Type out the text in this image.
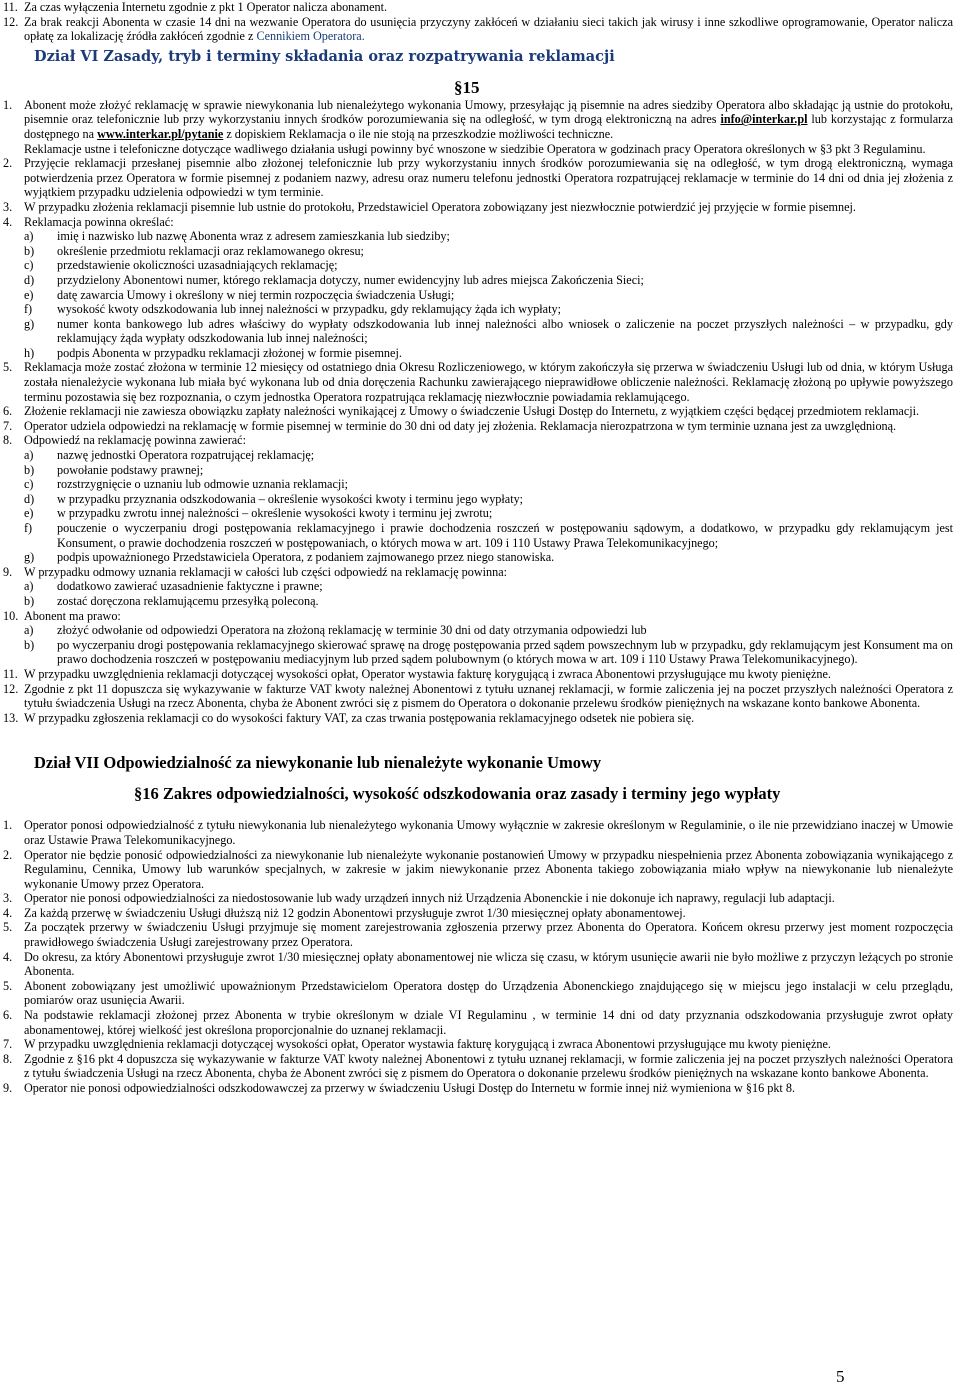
11. Za czas wyłączenia Internetu zgodnie z pkt 1 Operator nalicza abonament.
12. Za brak reakcji Abonenta w czasie 14 dni na wezwanie Operatora do usunięcia przyczyny zakłóceń w działaniu sieci takich jak wirusy i inne szkodliwe oprogramowanie, Operator nalicza opłatę za lokalizację źródła zakłóceń zgodnie z Cennikiem Operatora.
Dział VI Zasady, tryb i terminy składania oraz rozpatrywania reklamacji
§15
1. Abonent może złożyć reklamację w sprawie niewykonania lub nienależytego wykonania Umowy, przesyłając ją pisemnie na adres siedziby Operatora albo składając ją ustnie do protokołu, pisemnie oraz telefonicznie lub przy wykorzystaniu innych środków porozumiewania się na odległość, w tym drogą elektroniczną na adres info@interkar.pl lub korzystając z formularza dostępnego na www.interkar.pl/pytanie z dopiskiem Reklamacja o ile nie stoją na przeszkodzie możliwości techniczne.
Reklamacje ustne i telefoniczne dotyczące wadliwego działania usługi powinny być wnoszone w siedzibie Operatora w godzinach pracy Operatora określonych w §3 pkt 3 Regulaminu.
2. Przyjęcie reklamacji przesłanej pisemnie albo złożonej telefonicznie lub przy wykorzystaniu innych środków porozumiewania się na odległość, w tym drogą elektroniczną, wymaga potwierdzenia przez Operatora w formie pisemnej z podaniem nazwy, adresu oraz numeru telefonu jednostki Operatora rozpatrującej reklamacje w terminie do 14 dni od dnia jej złożenia z wyjątkiem przypadku udzielenia odpowiedzi w tym terminie.
3. W przypadku złożenia reklamacji pisemnie lub ustnie do protokołu, Przedstawiciel Operatora zobowiązany jest niezwłocznie potwierdzić jej przyjęcie w formie pisemnej.
4. Reklamacja powinna określać:
a)	imię i nazwisko lub nazwę Abonenta wraz z adresem zamieszkania lub siedziby;
b)	określenie przedmiotu reklamacji oraz reklamowanego okresu;
c)	przedstawienie okoliczności uzasadniających reklamację;
d)	przydzielony Abonentowi numer, którego reklamacja dotyczy, numer ewidencyjny lub adres miejsca Zakończenia Sieci;
e)	datę zawarcia Umowy i określony w niej termin rozpoczęcia świadczenia Usługi;
f)	wysokość kwoty odszkodowania lub innej należności w przypadku, gdy reklamujący żąda ich wypłaty;
g)	numer konta bankowego lub adres właściwy do wypłaty odszkodowania lub innej należności albo wniosek o zaliczenie na poczet przyszłych należności – w przypadku, gdy reklamujący żąda wypłaty odszkodowania lub innej należności;
h)	podpis Abonenta w przypadku reklamacji złożonej w formie pisemnej.
5. Reklamacja może zostać złożona w terminie 12 miesięcy od ostatniego dnia Okresu Rozliczeniowego, w którym zakończyła się przerwa w świadczeniu Usługi lub od dnia, w którym Usługa została nienależycie wykonana lub miała być wykonana lub od dnia doręczenia Rachunku zawierającego nieprawidłowe obliczenie należności. Reklamację złożoną po upływie powyższego terminu pozostawia się bez rozpoznania, o czym jednostka Operatora rozpatrująca reklamację niezwłocznie powiadamia reklamującego.
6. Złożenie reklamacji nie zawiesza obowiązku zapłaty należności wynikającej z Umowy o świadczenie Usługi Dostęp do Internetu, z wyjątkiem części będącej przedmiotem reklamacji.
7. Operator udziela odpowiedzi na reklamację w formie pisemnej w terminie do 30 dni od daty jej złożenia. Reklamacja nierozpatrzona w tym terminie uznana jest za uwzględnioną.
8. Odpowiedź na reklamację powinna zawierać:
a)	nazwę jednostki Operatora rozpatrującej reklamację;
b)	powołanie podstawy prawnej;
c)	rozstrzygnięcie o uznaniu lub odmowie uznania reklamacji;
d)	w przypadku przyznania odszkodowania – określenie wysokości kwoty i terminu jego wypłaty;
e)	w przypadku zwrotu innej należności – określenie wysokości kwoty i terminu jej zwrotu;
f)	pouczenie o wyczerpaniu drogi postępowania reklamacyjnego i prawie dochodzenia roszczeń w postępowaniu sądowym, a dodatkowo, w przypadku gdy reklamującym jest Konsument, o prawie dochodzenia roszczeń w postępowaniach, o których mowa w art. 109 i 110 Ustawy Prawa Telekomunikacyjnego;
g)	podpis upoważnionego Przedstawiciela Operatora, z podaniem zajmowanego przez niego stanowiska.
9. W przypadku odmowy uznania reklamacji w całości lub części odpowiedź na reklamację powinna:
a)	dodatkowo zawierać uzasadnienie faktyczne i prawne;
b)	zostać doręczona reklamującemu przesyłką poleconą.
10. Abonent ma prawo:
a)	złożyć odwołanie od odpowiedzi Operatora na złożoną reklamację w terminie 30 dni od daty otrzymania odpowiedzi lub
b)	po wyczerpaniu drogi postępowania reklamacyjnego skierować sprawę na drogę postępowania przed sądem powszechnym lub w przypadku, gdy reklamującym jest Konsument ma on prawo dochodzenia roszczeń w postępowaniu mediacyjnym lub przed sądem polubownym (o których mowa w art. 109 i 110 Ustawy Prawa Telekomunikacyjnego).
11. W przypadku uwzględnienia reklamacji dotyczącej wysokości opłat, Operator wystawia fakturę korygującą i zwraca Abonentowi przysługujące mu kwoty pieniężne.
12. Zgodnie z pkt 11 dopuszcza się wykazywanie w fakturze VAT kwoty należnej Abonentowi z tytułu uznanej reklamacji, w formie zaliczenia jej na poczet przyszłych należności Operatora z tytułu świadczenia Usługi na rzecz Abonenta, chyba że Abonent zwróci się z pismem do Operatora o dokonanie przelewu środków pieniężnych na wskazane konto bankowe Abonenta.
13. W przypadku zgłoszenia reklamacji co do wysokości faktury VAT, za czas trwania postępowania reklamacyjnego odsetek nie pobiera się.
Dział VII Odpowiedzialność za niewykonanie lub nienależyte wykonanie Umowy
§16 Zakres odpowiedzialności, wysokość odszkodowania oraz zasady i terminy jego wypłaty
1. Operator ponosi odpowiedzialność z tytułu niewykonania lub nienależytego wykonania Umowy wyłącznie w zakresie określonym w Regulaminie, o ile nie przewidziano inaczej w Umowie oraz Ustawie Prawa Telekomunikacyjnego.
2. Operator nie będzie ponosić odpowiedzialności za niewykonanie lub nienależyte wykonanie postanowień Umowy w przypadku niespełnienia przez Abonenta zobowiązania wynikającego z Regulaminu, Cennika, Umowy lub warunków specjalnych, w zakresie w jakim niewykonanie przez Abonenta takiego zobowiązania miało wpływ na niewykonanie lub nienależyte wykonanie Umowy przez Operatora.
3. Operator nie ponosi odpowiedzialności za niedostosowanie lub wady urządzeń innych niż Urządzenia Abonenckie i nie dokonuje ich naprawy, regulacji lub adaptacji.
4. Za każdą przerwę w świadczeniu Usługi dłuższą niż 12 godzin Abonentowi przysługuje zwrot 1/30 miesięcznej opłaty abonamentowej.
5. Za początek przerwy w świadczeniu Usługi przyjmuje się moment zarejestrowania zgłoszenia przerwy przez Abonenta do Operatora. Końcem okresu przerwy jest moment rozpoczęcia prawidłowego świadczenia Usługi zarejestrowany przez Operatora.
4. Do okresu, za który Abonentowi przysługuje zwrot 1/30 miesięcznej opłaty abonamentowej nie wlicza się czasu, w którym usunięcie awarii nie było możliwe z przyczyn leżących po stronie Abonenta.
5. Abonent zobowiązany jest umożliwić upoważnionym Przedstawicielom Operatora dostęp do Urządzenia Abonenckiego znajdującego się w miejscu jego instalacji w celu przeglądu, pomiarów oraz usunięcia Awarii.
6. Na podstawie reklamacji złożonej przez Abonenta w trybie określonym w dziale VI Regulaminu , w terminie 14 dni od daty przyznania odszkodowania przysługuje zwrot opłaty abonamentowej, której wielkość jest określona proporcjonalnie do uznanej reklamacji.
7. W przypadku uwzględnienia reklamacji dotyczącej wysokości opłat, Operator wystawia fakturę korygującą i zwraca Abonentowi przysługujące mu kwoty pieniężne.
8. Zgodnie z §16 pkt 4 dopuszcza się wykazywanie w fakturze VAT kwoty należnej Abonentowi z tytułu uznanej reklamacji, w formie zaliczenia jej na poczet przyszłych należności Operatora z tytułu świadczenia Usługi na rzecz Abonenta, chyba że Abonent zwróci się z pismem do Operatora o dokonanie przelewu środków pieniężnych na wskazane konto bankowe Abonenta.
9. Operator nie ponosi odpowiedzialności odszkodowawczej za przerwy w świadczeniu Usługi Dostęp do Internetu w formie innej niż wymieniona w §16 pkt 8.
5
